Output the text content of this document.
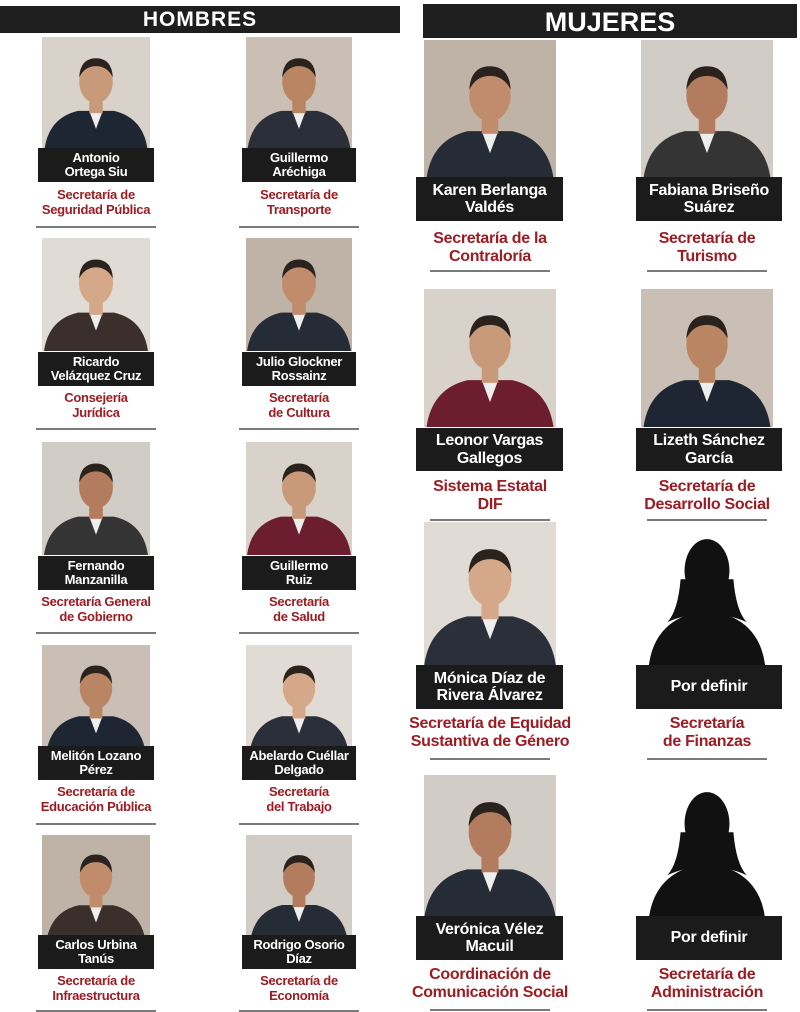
HOMBRES	MUJERES
Antonio
Ortega Siu
Secretaría de
Seguridad Pública
Guillermo
Aréchiga
Secretaría de
Transporte
Ricardo
Velázquez Cruz
Consejería
Jurídica
Julio Glockner
Rossainz
Secretaría
de Cultura
Fernando
Manzanilla
Secretaría General
de Gobierno
Guillermo
Ruiz
Secretaría
de Salud
Melitón Lozano
Pérez
Secretaría de
Educación Pública
Abelardo Cuéllar
Delgado
Secretaría
del Trabajo
Carlos Urbina
Tanús
Secretaría de
Infraestructura
Rodrigo Osorio
Díaz
Secretaría de
Economía
Karen Berlanga
Valdés
Secretaría de la
Contraloría
Fabiana Briseño
Suárez
Secretaría de
Turismo
Leonor Vargas
Gallegos
Sistema Estatal
DIF
Lizeth Sánchez
García
Secretaría de
Desarrollo Social
Mónica Díaz de
Rivera Álvarez
Secretaría de Equidad
Sustantiva de Género
Por definir
Secretaría
de Finanzas
Verónica Vélez
Macuil
Coordinación de
Comunicación Social
Por definir
Secretaría de
Administración
